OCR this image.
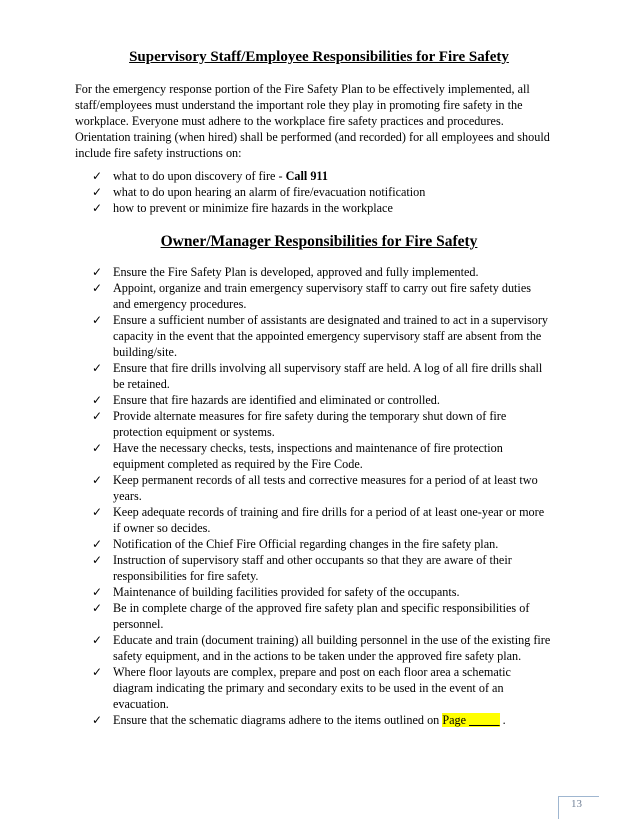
Supervisory Staff/Employee Responsibilities for Fire Safety
For the emergency response portion of the Fire Safety Plan to be effectively implemented, all
staff/employees must understand the important role they play in promoting fire safety in the
workplace. Everyone must adhere to the workplace fire safety practices and procedures.
Orientation training (when hired) shall be performed (and recorded) for all employees and should
include fire safety instructions on:
✓ what to do upon discovery of fire - Call 911
✓ what to do upon hearing an alarm of fire/evacuation notification
✓ how to prevent or minimize fire hazards in the workplace
Owner/Manager Responsibilities for Fire Safety
✓ Ensure the Fire Safety Plan is developed, approved and fully implemented.
✓ Appoint, organize and train emergency supervisory staff to carry out fire safety duties
and emergency procedures.
✓ Ensure a sufficient number of assistants are designated and trained to act in a supervisory
capacity in the event that the appointed emergency supervisory staff are absent from the
building/site.
✓ Ensure that fire drills involving all supervisory staff are held. A log of all fire drills shall
be retained.
✓ Ensure that fire hazards are identified and eliminated or controlled.
✓ Provide alternate measures for fire safety during the temporary shut down of fire
protection equipment or systems.
✓ Have the necessary checks, tests, inspections and maintenance of fire protection
equipment completed as required by the Fire Code.
✓ Keep permanent records of all tests and corrective measures for a period of at least two
years.
✓ Keep adequate records of training and fire drills for a period of at least one-year or more
if owner so decides.
✓ Notification of the Chief Fire Official regarding changes in the fire safety plan.
✓ Instruction of supervisory staff and other occupants so that they are aware of their
responsibilities for fire safety.
✓ Maintenance of building facilities provided for safety of the occupants.
✓ Be in complete charge of the approved fire safety plan and specific responsibilities of
personnel.
✓ Educate and train (document training) all building personnel in the use of the existing fire
safety equipment, and in the actions to be taken under the approved fire safety plan.
✓ Where floor layouts are complex, prepare and post on each floor area a schematic
diagram indicating the primary and secondary exits to be used in the event of an
evacuation.
✓ Ensure that the schematic diagrams adhere to the items outlined on Page _____ .
13
